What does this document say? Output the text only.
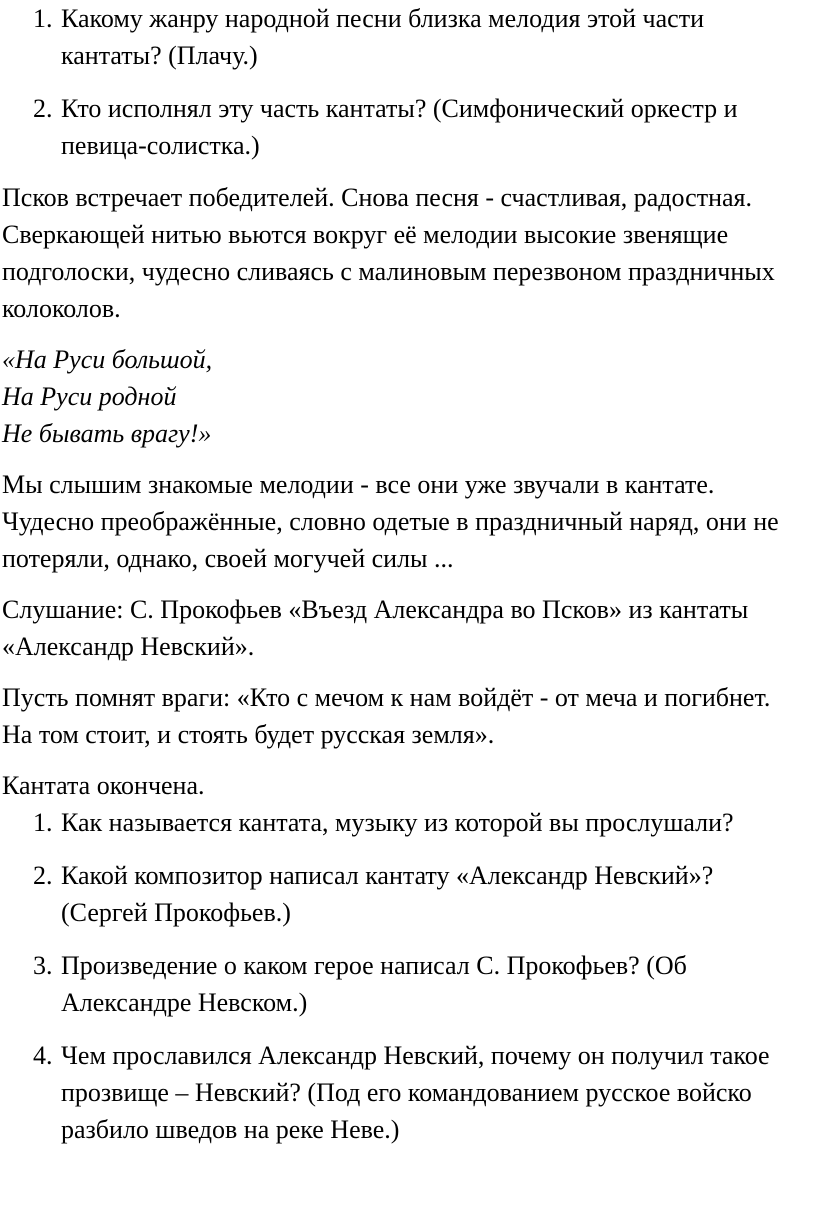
1. Какому жанру народной песни близка мелодия этой части кантаты? (Плачу.)
2. Кто исполнял эту часть кантаты? (Симфонический оркестр и певица-солистка.)

Псков встречает победителей. Снова песня - счастливая, радостная. Сверкающей нитью вьются вокруг её мелодии высокие звенящие подголоски, чудесно сливаясь с малиновым перезвоном праздничных колоколов.

«На Руси большой,
На Руси родной
Не бывать врагу!»

Мы слышим знакомые мелодии - все они уже звучали в кантате. Чудесно преображённые, словно одетые в праздничный наряд, они не потеряли, однако, своей могучей силы ...

Слушание: С. Прокофьев «Въезд Александра во Псков» из кантаты «Александр Невский».

Пусть помнят враги: «Кто с мечом к нам войдёт - от меча и погибнет. На том стоит, и стоять будет русская земля».

Кантата окончена.

1. Как называется кантата, музыку из которой вы прослушали?
2. Какой композитор написал кантату «Александр Невский»? (Сергей Прокофьев.)
3. Произведение о каком герое написал С. Прокофьев? (Об Александре Невском.)
4. Чем прославился Александр Невский, почему он получил такое прозвище – Невский? (Под его командованием русское войско разбило шведов на реке Неве.)
